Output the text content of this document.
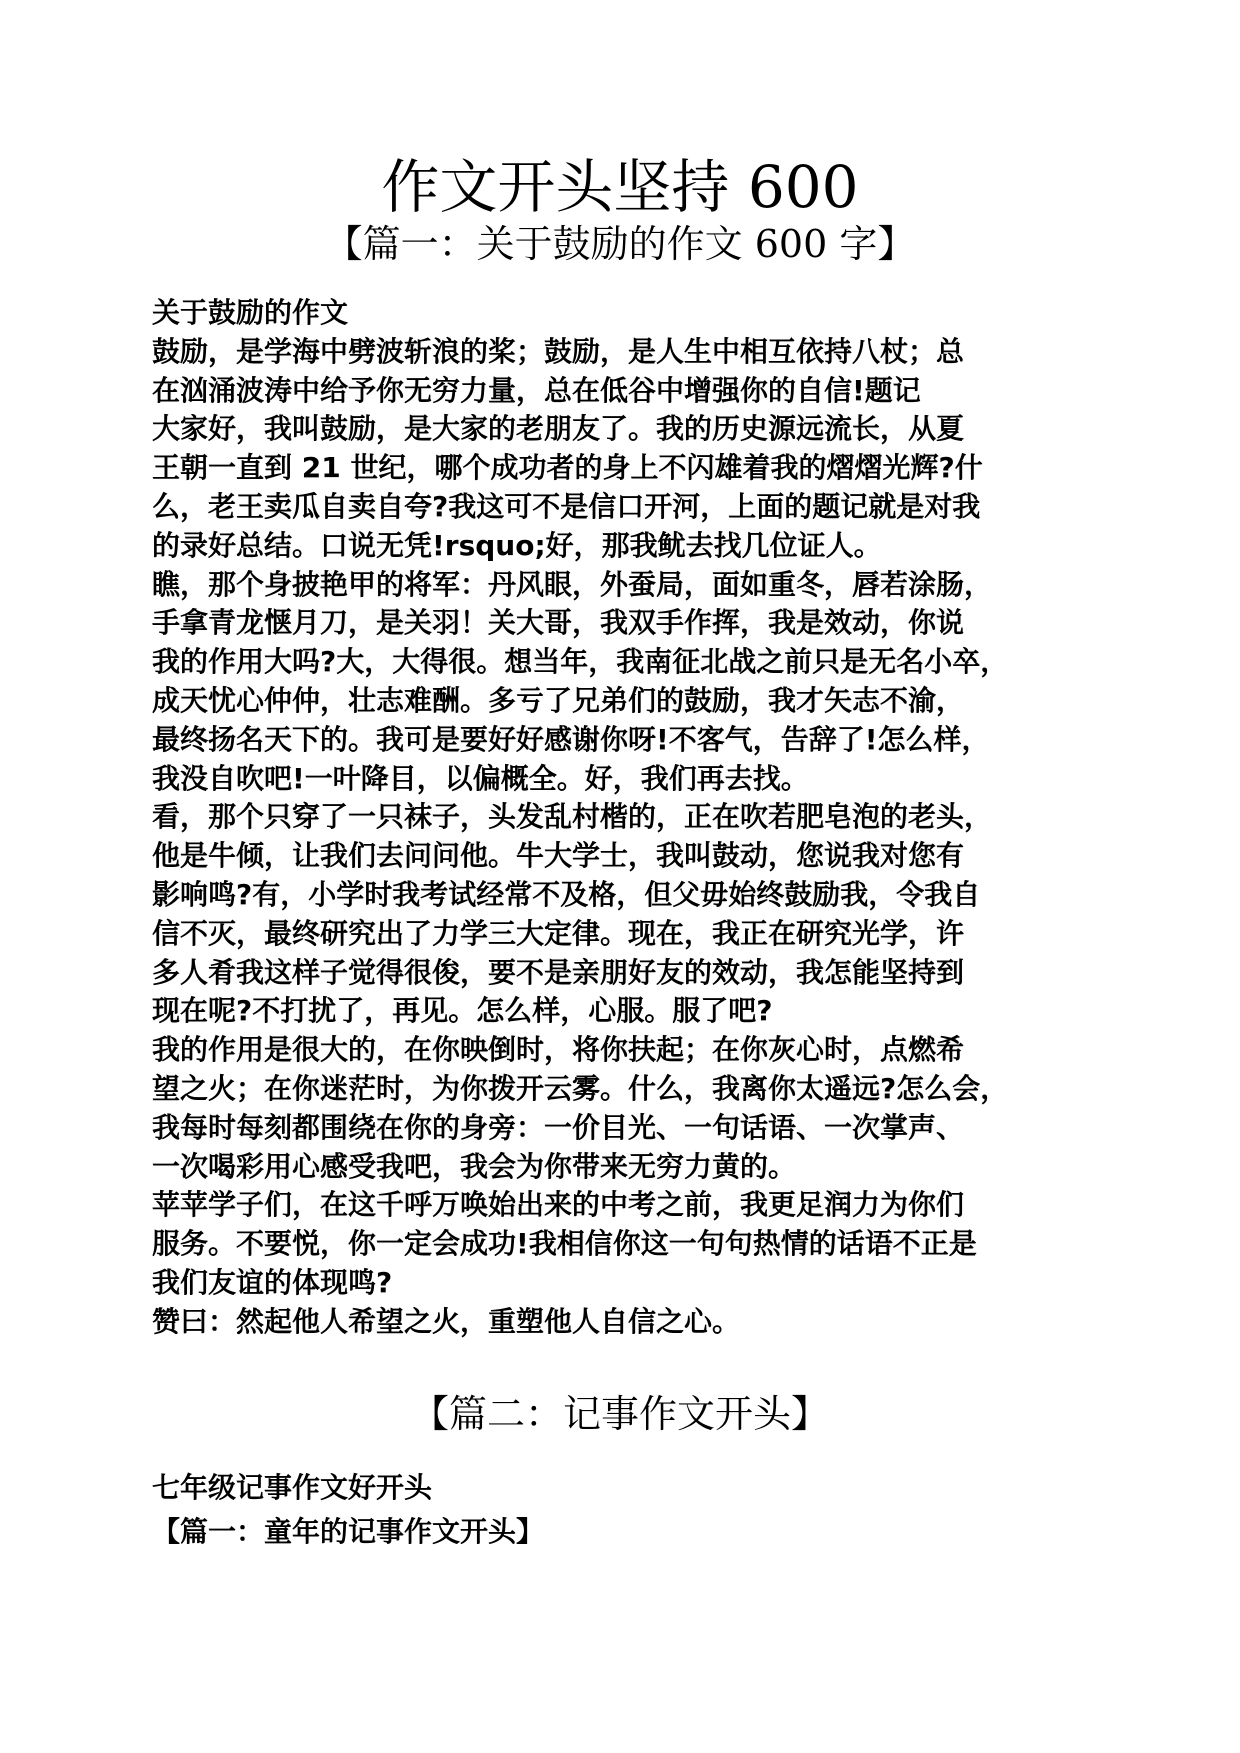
作文开头坚持 600
【篇一：关于鼓励的作文 600 字】
关于鼓励的作文
鼓励，是学海中劈波斩浪的桨；鼓励，是人生中相互依持八杖；总
在汹涌波涛中给予你无穷力量，总在低谷中增强你的自信!题记
大家好，我叫鼓励，是大家的老朋友了。我的历史源远流长，从夏
王朝一直到 21 世纪，哪个成功者的身上不闪雄着我的熠熠光辉?什
么，老王卖瓜自卖自夸?我这可不是信口开河，上面的题记就是对我
的录好总结。口说无凭!rsquo;好，那我鱿去找几位证人。
瞧，那个身披艳甲的将军：丹风眼，外蚕局，面如重冬，唇若涂肠，
手拿青龙惬月刀，是关羽！关大哥，我双手作挥，我是效动，你说
我的作用大吗?大，大得很。想当年，我南征北战之前只是无名小卒，
成天忧心仲仲，壮志难酬。多亏了兄弟们的鼓励，我才矢志不渝，
最终扬名天下的。我可是要好好感谢你呀!不客气，告辞了!怎么样，
我没自吹吧!一叶降目，以偏概全。好，我们再去找。
看，那个只穿了一只袜子，头发乱村楷的，正在吹若肥皂泡的老头，
他是牛倾，让我们去问问他。牛大学士，我叫鼓动，您说我对您有
影响鸣?有，小学时我考试经常不及格，但父毋始终鼓励我，令我自
信不灭，最终研究出了力学三大定律。现在，我正在研究光学，许
多人肴我这样子觉得很俊，要不是亲朋好友的效动，我怎能坚持到
现在呢?不打扰了，再见。怎么样，心服。服了吧?
我的作用是很大的，在你映倒时，将你扶起；在你灰心时，点燃希
望之火；在你迷茫时，为你拨开云雾。什么，我离你太遥远?怎么会，
我每时每刻都围绕在你的身旁：一价目光、一句话语、一次掌声、
一次喝彩用心感受我吧，我会为你带来无穷力黄的。
苹苹学子们，在这千呼万唤始出来的中考之前，我更足润力为你们
服务。不要悦，你一定会成功!我相信你这一句句热情的话语不正是
我们友谊的体现鸣?
赞曰：然起他人希望之火，重塑他人自信之心。
【篇二：记事作文开头】
七年级记事作文好开头
【篇一：童年的记事作文开头】
